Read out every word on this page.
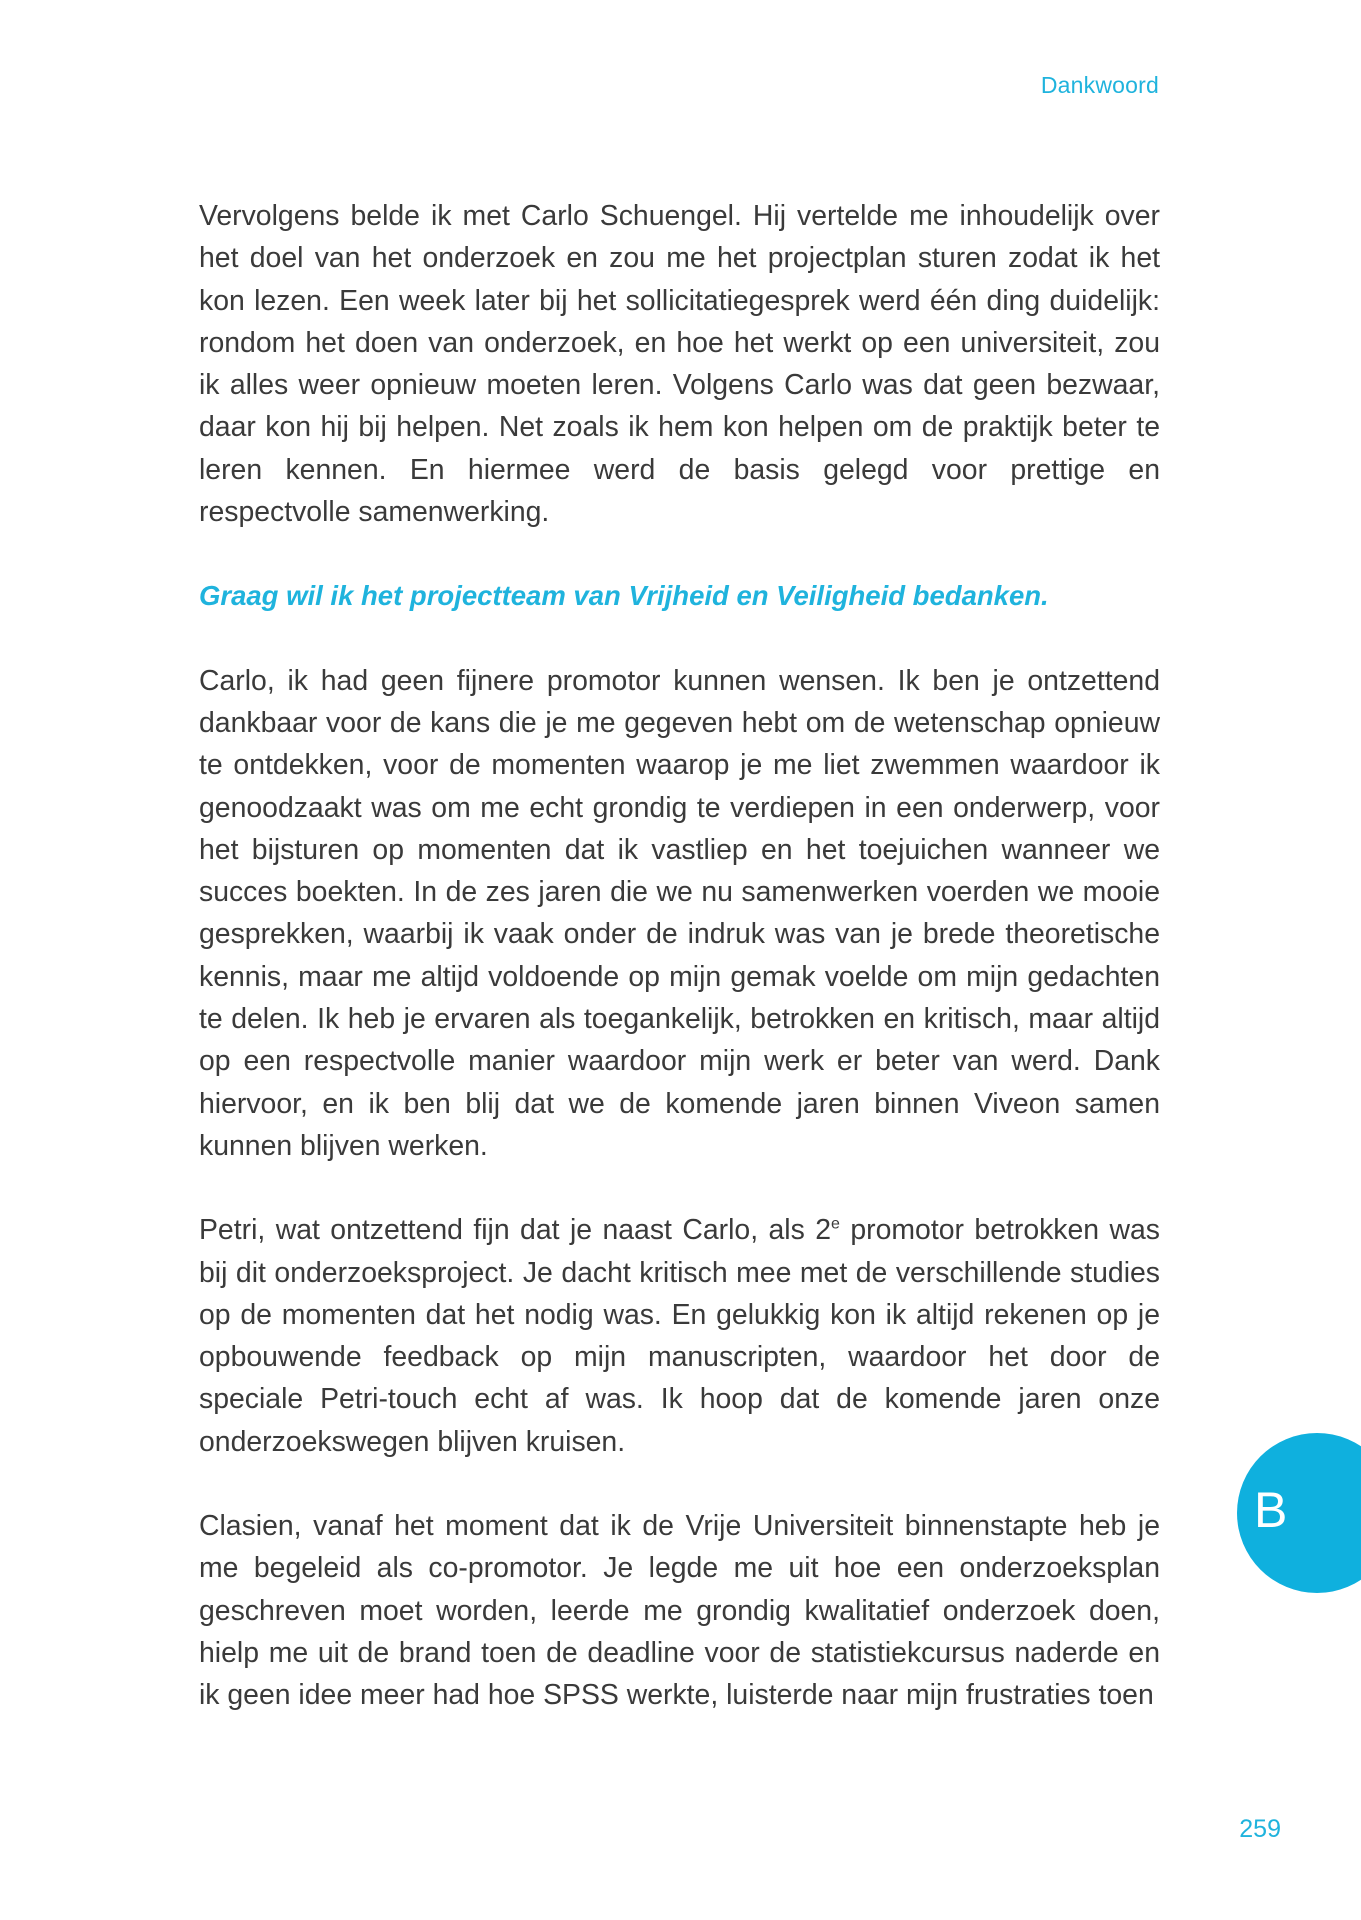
Dankwoord

Vervolgens belde ik met Carlo Schuengel. Hij vertelde me inhoudelijk over het doel van het onderzoek en zou me het projectplan sturen zodat ik het kon lezen. Een week later bij het sollicitatiegesprek werd één ding duidelijk: rondom het doen van onderzoek, en hoe het werkt op een universiteit, zou ik alles weer opnieuw moeten leren. Volgens Carlo was dat geen bezwaar, daar kon hij bij helpen. Net zoals ik hem kon helpen om de praktijk beter te leren kennen. En hiermee werd de basis gelegd voor prettige en respectvolle samenwerking.

Graag wil ik het projectteam van Vrijheid en Veiligheid bedanken.

Carlo, ik had geen fijnere promotor kunnen wensen. Ik ben je ontzettend dankbaar voor de kans die je me gegeven hebt om de wetenschap opnieuw te ontdekken, voor de momenten waarop je me liet zwemmen waardoor ik genoodzaakt was om me echt grondig te verdiepen in een onderwerp, voor het bijsturen op momenten dat ik vastliep en het toejuichen wanneer we succes boekten. In de zes jaren die we nu samenwerken voerden we mooie gesprekken, waarbij ik vaak onder de indruk was van je brede theoretische kennis, maar me altijd voldoende op mijn gemak voelde om mijn gedachten te delen. Ik heb je ervaren als toegankelijk, betrokken en kritisch, maar altijd op een respectvolle manier waardoor mijn werk er beter van werd. Dank hiervoor, en ik ben blij dat we de komende jaren binnen Viveon samen kunnen blijven werken.

Petri, wat ontzettend fijn dat je naast Carlo, als 2e promotor betrokken was bij dit onderzoeksproject. Je dacht kritisch mee met de verschillende studies op de momenten dat het nodig was. En gelukkig kon ik altijd rekenen op je opbouwende feedback op mijn manuscripten, waardoor het door de speciale Petri-touch echt af was. Ik hoop dat de komende jaren onze onderzoekswegen blijven kruisen.

Clasien, vanaf het moment dat ik de Vrije Universiteit binnenstapte heb je me begeleid als co-promotor. Je legde me uit hoe een onderzoeksplan geschreven moet worden, leerde me grondig kwalitatief onderzoek doen, hielp me uit de brand toen de deadline voor de statistiekcursus naderde en ik geen idee meer had hoe SPSS werkte, luisterde naar mijn frustraties toen

B
259
